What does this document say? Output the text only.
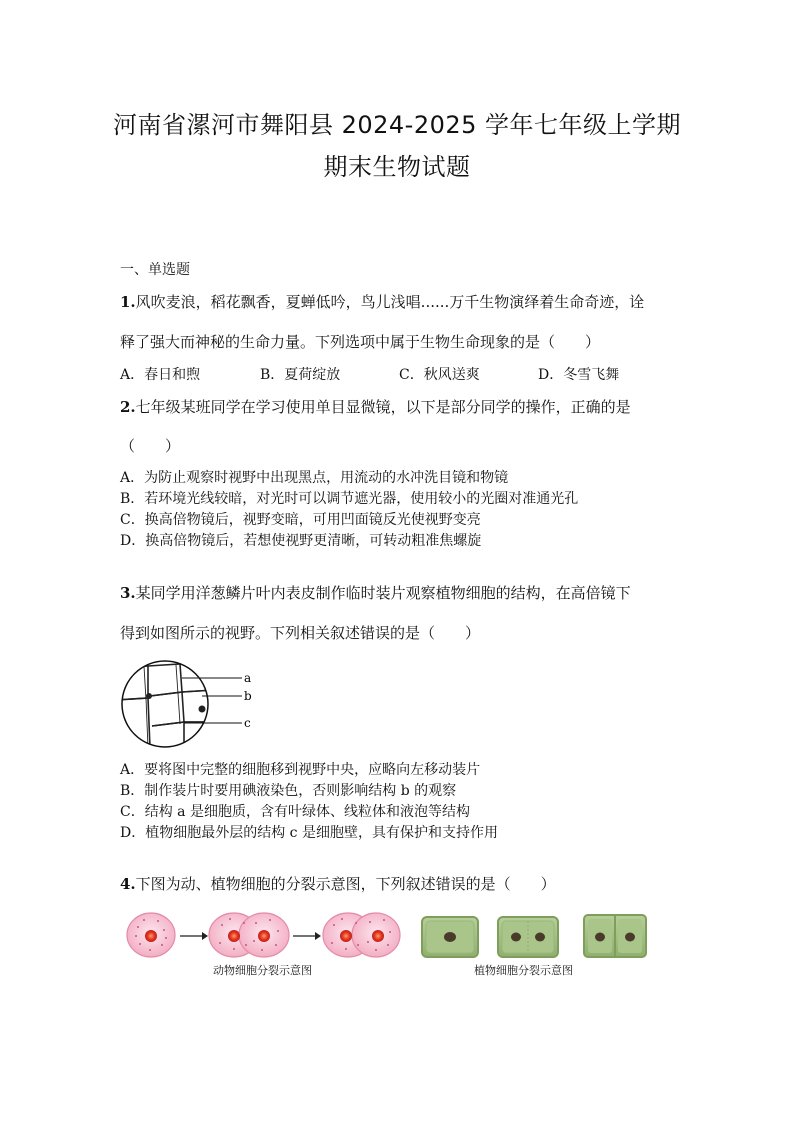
河南省漯河市舞阳县 2024-2025 学年七年级上学期
期末生物试题
一、单选题
1.风吹麦浪，稻花飘香，夏蝉低吟，鸟儿浅唱......万千生物演绎着生命奇迹，诠
释了强大而神秘的生命力量。下列选项中属于生物生命现象的是（　　）
A．春日和煦	B．夏荷绽放	C．秋风送爽	D．冬雪飞舞
2.七年级某班同学在学习使用单目显微镜，以下是部分同学的操作，正确的是
（　　）
A．为防止观察时视野中出现黑点，用流动的水冲洗目镜和物镜
B．若环境光线较暗，对光时可以调节遮光器，使用较小的光圈对准通光孔
C．换高倍物镜后，视野变暗，可用凹面镜反光使视野变亮
D．换高倍物镜后，若想使视野更清晰，可转动粗准焦螺旋
3.某同学用洋葱鳞片叶内表皮制作临时装片观察植物细胞的结构，在高倍镜下
得到如图所示的视野。下列相关叙述错误的是（　　）
a
b
c
A．要将图中完整的细胞移到视野中央，应略向左移动装片
B．制作装片时要用碘液染色，否则影响结构 b 的观察
C．结构 a 是细胞质，含有叶绿体、线粒体和液泡等结构
D．植物细胞最外层的结构 c 是细胞壁，具有保护和支持作用
4.下图为动、植物细胞的分裂示意图，下列叙述错误的是（　　）
动物细胞分裂示意图	植物细胞分裂示意图
